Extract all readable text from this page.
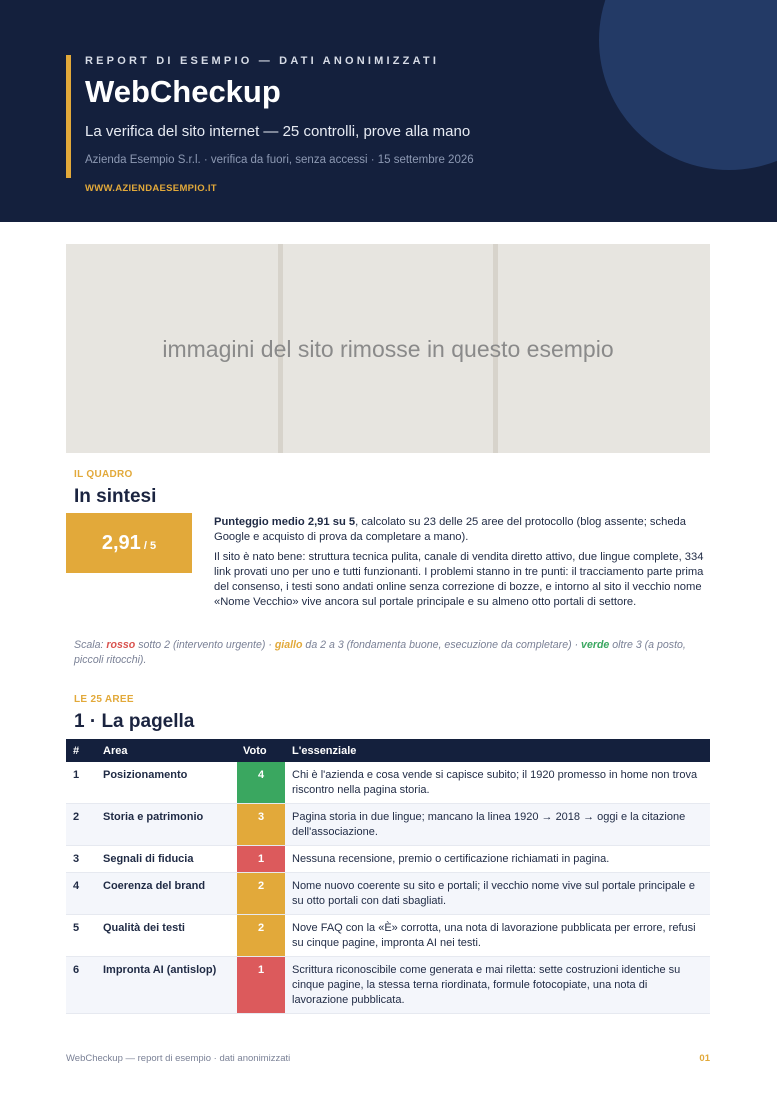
REPORT DI ESEMPIO — DATI ANONIMIZZATI
WebCheckup
La verifica del sito internet — 25 controlli, prove alla mano
Azienda Esempio S.r.l. · verifica da fuori, senza accessi · 15 settembre 2026
WWW.AZIENDAESEMPIO.IT
immagini del sito rimosse in questo esempio
IL QUADRO
In sintesi
2,91 / 5

Punteggio medio 2,91 su 5, calcolato su 23 delle 25 aree del protocollo (blog assente; scheda Google e acquisto di prova da completare a mano).

Il sito è nato bene: struttura tecnica pulita, canale di vendita diretto attivo, due lingue complete, 334 link provati uno per uno e tutti funzionanti. I problemi stanno in tre punti: il tracciamento parte prima del consenso, i testi sono andati online senza correzione di bozze, e intorno al sito il vecchio nome «Nome Vecchio» vive ancora sul portale principale e su almeno otto portali di settore.

Scala: rosso sotto 2 (intervento urgente) · giallo da 2 a 3 (fondamenta buone, esecuzione da completare) · verde oltre 3 (a posto, piccoli ritocchi).
LE 25 AREE
1 · La pagella
#	Area	Voto	L'essenziale
1	Posizionamento	4	Chi è l'azienda e cosa vende si capisce subito; il 1920 promesso in home non trova riscontro nella pagina storia.
2	Storia e patrimonio	3	Pagina storia in due lingue; mancano la linea 1920 → 2018 → oggi e la citazione dell'associazione.
3	Segnali di fiducia	1	Nessuna recensione, premio o certificazione richiamati in pagina.
4	Coerenza del brand	2	Nome nuovo coerente su sito e portali; il vecchio nome vive sul portale principale e su otto portali con dati sbagliati.
5	Qualità dei testi	2	Nove FAQ con la «È» corrotta, una nota di lavorazione pubblicata per errore, refusi su cinque pagine, impronta AI nei testi.
6	Impronta AI (antislop)	1	Scrittura riconoscibile come generata e mai riletta: sette costruzioni identiche su cinque pagine, la stessa terna riordinata, formule fotocopiate, una nota di lavorazione pubblicata.
WebCheckup — report di esempio · dati anonimizzati	01
